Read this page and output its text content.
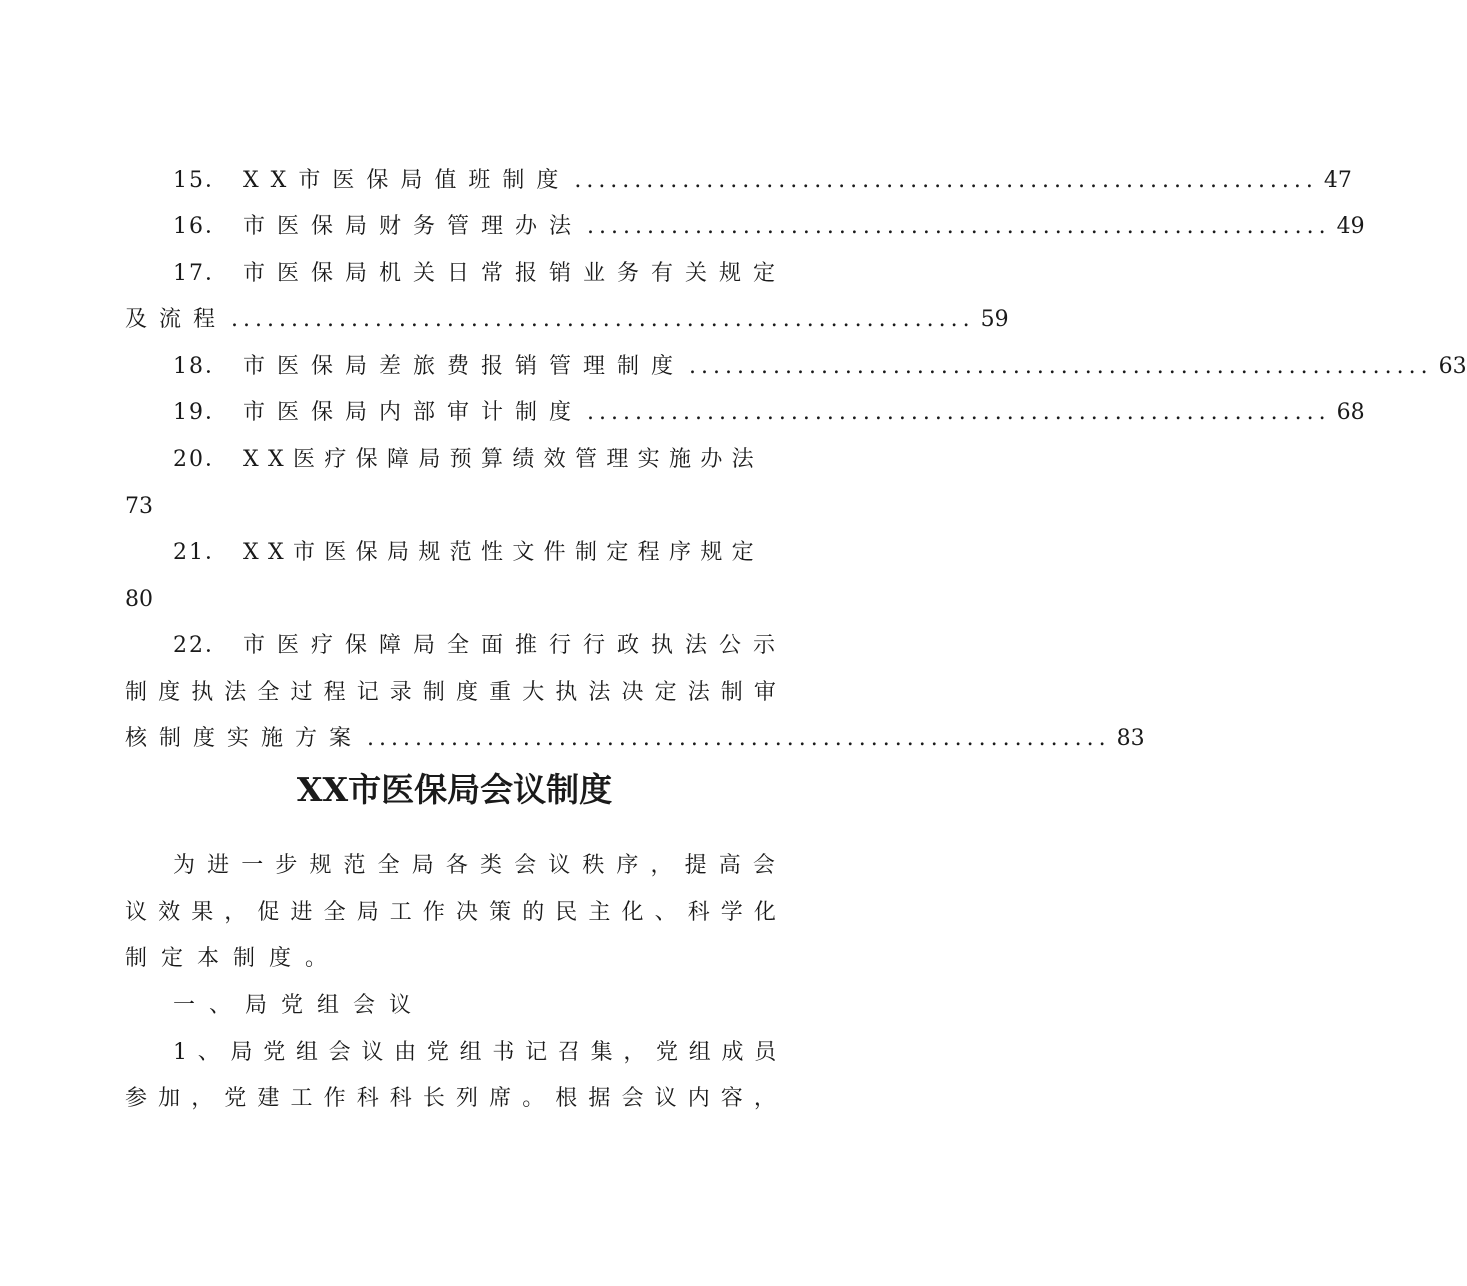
15． XX市医保局值班制度 .............................................................. 47
16． 市医保局财务管理办法 .............................................................. 49
17． 市医保局机关日常报销业务有关规定
及流程 .............................................................. 59
18． 市医保局差旅费报销管理制度 .............................................................. 63
19． 市医保局内部审计制度 .............................................................. 68
20． XX医疗保障局预算绩效管理实施办法
73
21． XX市医保局规范性文件制定程序规定
80
22． 市医疗保障局全面推行行政执法公示
制度执法全过程记录制度重大执法决定法制审
核制度实施方案 .............................................................. 83
XX市医保局会议制度
为进一步规范全局各类会议秩序，提高会
议效果，促进全局工作决策的民主化、科学化
制定本制度。
一、局党组会议
1、局党组会议由党组书记召集，党组成员
参加，党建工作科科长列席。根据会议内容，
